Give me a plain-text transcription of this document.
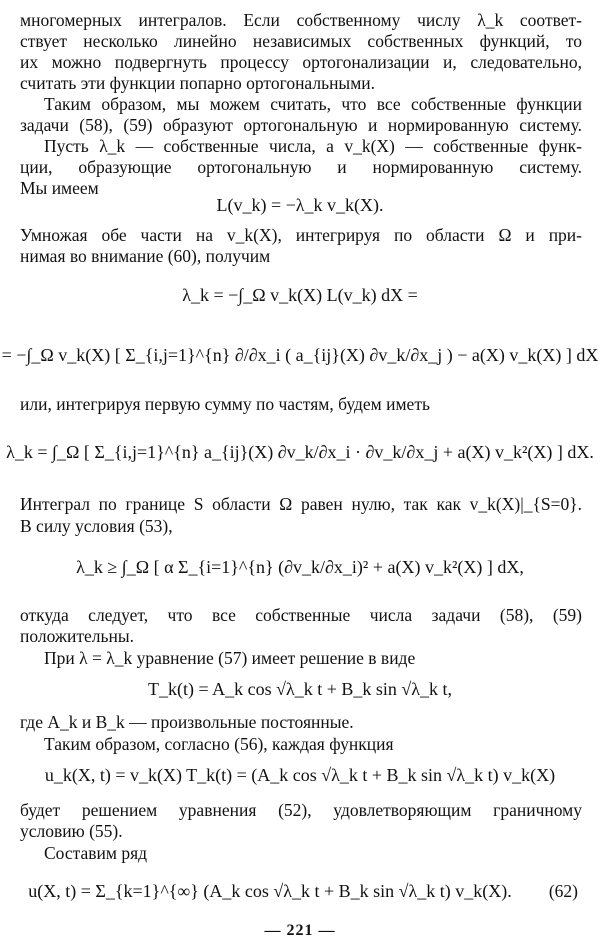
многомерных интегралов. Если собственному числу λ_k соответ-
ствует несколько линейно независимых собственных функций, то
их можно подвергнуть процессу ортогонализации и, следовательно,
считать эти функции попарно ортогональными.
Таким образом, мы можем считать, что все собственные функции
задачи (58), (59) образуют ортогональную и нормированную систему.
Пусть λ_k — собственные числа, а v_k(X) — собственные функ-
ции, образующие ортогональную и нормированную систему.
Мы имеем
L(v_k) = −λ_k v_k(X).
Умножая обе части на v_k(X), интегрируя по области Ω и при-
нимая во внимание (60), получим
λ_k = −∫_Ω v_k(X) L(v_k) dX =
= −∫_Ω v_k(X) [ Σ_{i,j=1}^{n} ∂/∂x_i ( a_{ij}(X) ∂v_k/∂x_j ) − a(X) v_k(X) ] dX
или, интегрируя первую сумму по частям, будем иметь
λ_k = ∫_Ω [ Σ_{i,j=1}^{n} a_{ij}(X) ∂v_k/∂x_i · ∂v_k/∂x_j + a(X) v_k²(X) ] dX.
Интеграл по границе S области Ω равен нулю, так как v_k(X)|_{S=0}.
В силу условия (53),
λ_k ≥ ∫_Ω [ α Σ_{i=1}^{n} (∂v_k/∂x_i)² + a(X) v_k²(X) ] dX,
откуда следует, что все собственные числа задачи (58), (59)
положительны.
При λ = λ_k уравнение (57) имеет решение в виде
T_k(t) = A_k cos √λ_k t + B_k sin √λ_k t,
где A_k и B_k — произвольные постоянные.
Таким образом, согласно (56), каждая функция
u_k(X, t) = v_k(X) T_k(t) = (A_k cos √λ_k t + B_k sin √λ_k t) v_k(X)
будет решением уравнения (52), удовлетворяющим граничному
условию (55).
Составим ряд
u(X, t) = Σ_{k=1}^{∞} (A_k cos √λ_k t + B_k sin √λ_k t) v_k(X).	(62)
— 221 —
